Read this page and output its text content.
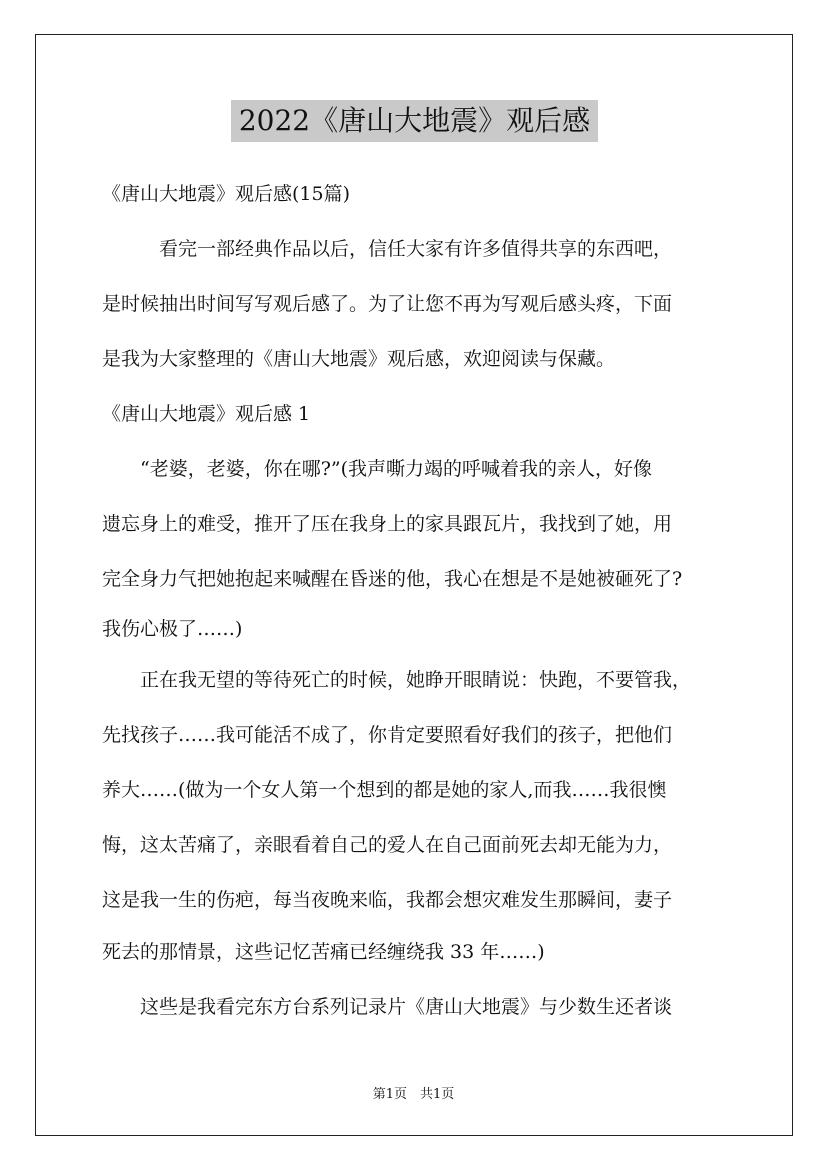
2022《唐山大地震》观后感
《唐山大地震》观后感(15篇)
　　　看完一部经典作品以后，信任大家有许多值得共享的东西吧，
是时候抽出时间写写观后感了。为了让您不再为写观后感头疼，下面
是我为大家整理的《唐山大地震》观后感，欢迎阅读与保藏。
《唐山大地震》观后感 1
　　“老婆，老婆，你在哪?”(我声嘶力竭的呼喊着我的亲人，好像
遗忘身上的难受，推开了压在我身上的家具跟瓦片，我找到了她，用
完全身力气把她抱起来喊醒在昏迷的他，我心在想是不是她被砸死了?
我伤心极了……)
　　正在我无望的等待死亡的时候，她睁开眼睛说：快跑，不要管我，
先找孩子……我可能活不成了，你肯定要照看好我们的孩子，把他们
养大……(做为一个女人第一个想到的都是她的家人,而我……我很懊
悔，这太苦痛了，亲眼看着自己的爱人在自己面前死去却无能为力，
这是我一生的伤疤，每当夜晚来临，我都会想灾难发生那瞬间，妻子
死去的那情景，这些记忆苦痛已经缠绕我 33 年……)
　　这些是我看完东方台系列记录片《唐山大地震》与少数生还者谈
第1页　共1页
